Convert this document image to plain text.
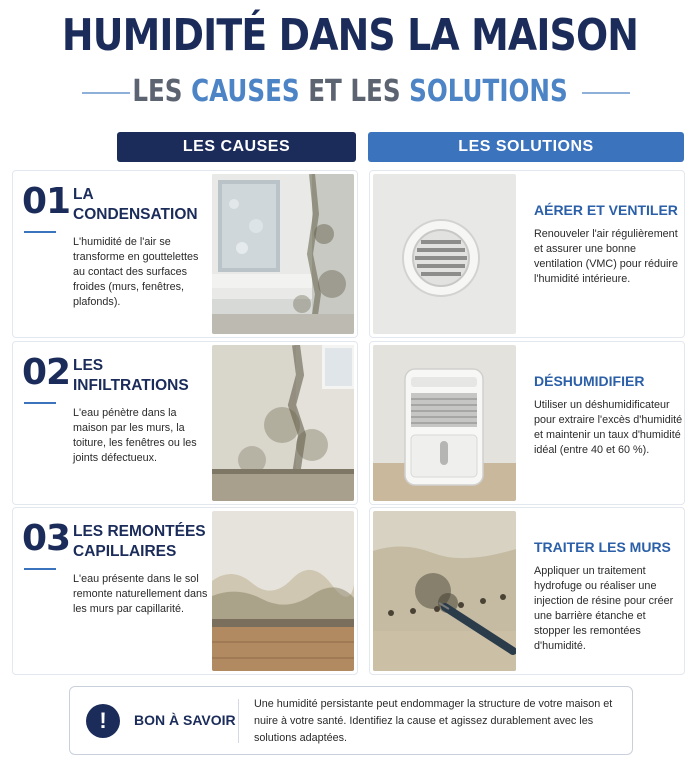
HUMIDITÉ DANS LA MAISON
LES CAUSES ET LES SOLUTIONS
LES CAUSES	LES SOLUTIONS
01 LA CONDENSATION
L'humidité de l'air se transforme en gouttelettes au contact des surfaces froides (murs, fenêtres, plafonds).
02 LES INFILTRATIONS
L'eau pénètre dans la maison par les murs, la toiture, les fenêtres ou les joints défectueux.
03 LES REMONTÉES CAPILLAIRES
L'eau présente dans le sol remonte naturellement dans les murs par capillarité.
AÉRER ET VENTILER
Renouveler l'air régulièrement et assurer une bonne ventilation (VMC) pour réduire l'humidité intérieure.
DÉSHUMIDIFIER
Utiliser un déshumidificateur pour extraire l'excès d'humidité et maintenir un taux d'humidité idéal (entre 40 et 60 %).
TRAITER LES MURS
Appliquer un traitement hydrofuge ou réaliser une injection de résine pour créer une barrière étanche et stopper les remontées d'humidité.
!	BON À SAVOIR
Une humidité persistante peut endommager la structure de votre maison et nuire à votre santé. Identifiez la cause et agissez durablement avec les solutions adaptées.
